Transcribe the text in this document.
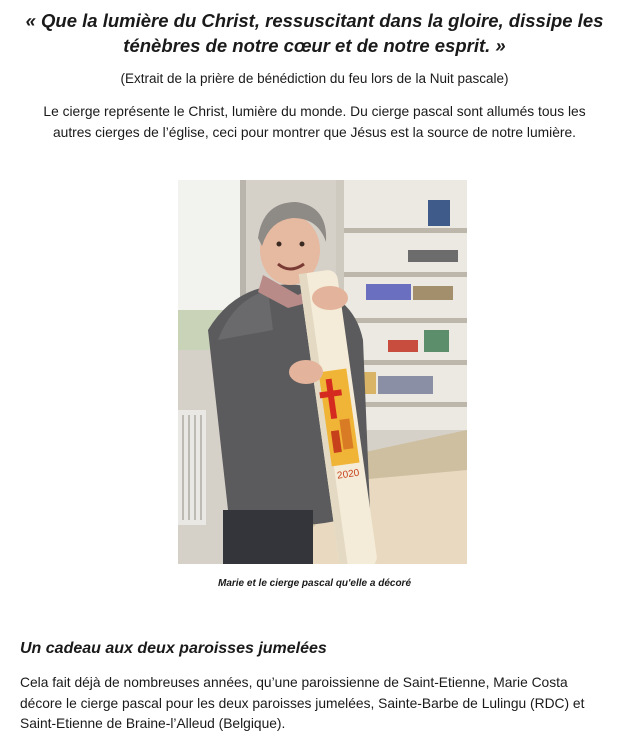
« Que la lumière du Christ, ressuscitant dans la gloire, dissipe les
ténèbres de notre cœur et de notre esprit. »

(Extrait de la prière de bénédiction du feu lors de la Nuit pascale)

Le cierge représente le Christ, lumière du monde. Du cierge pascal sont allumés tous les
autres cierges de l’église, ceci pour montrer que Jésus est la source de notre lumière.
2020

Marie et le cierge pascal qu'elle a décoré

Un cadeau aux deux paroisses jumelées
Cela fait déjà de nombreuses années, qu’une paroissienne de Saint-Etienne, Marie Costa
décore le cierge pascal pour les deux paroisses jumelées, Sainte-Barbe de Lulingu (RDC) et
Saint-Etienne de Braine-l’Alleud (Belgique).
